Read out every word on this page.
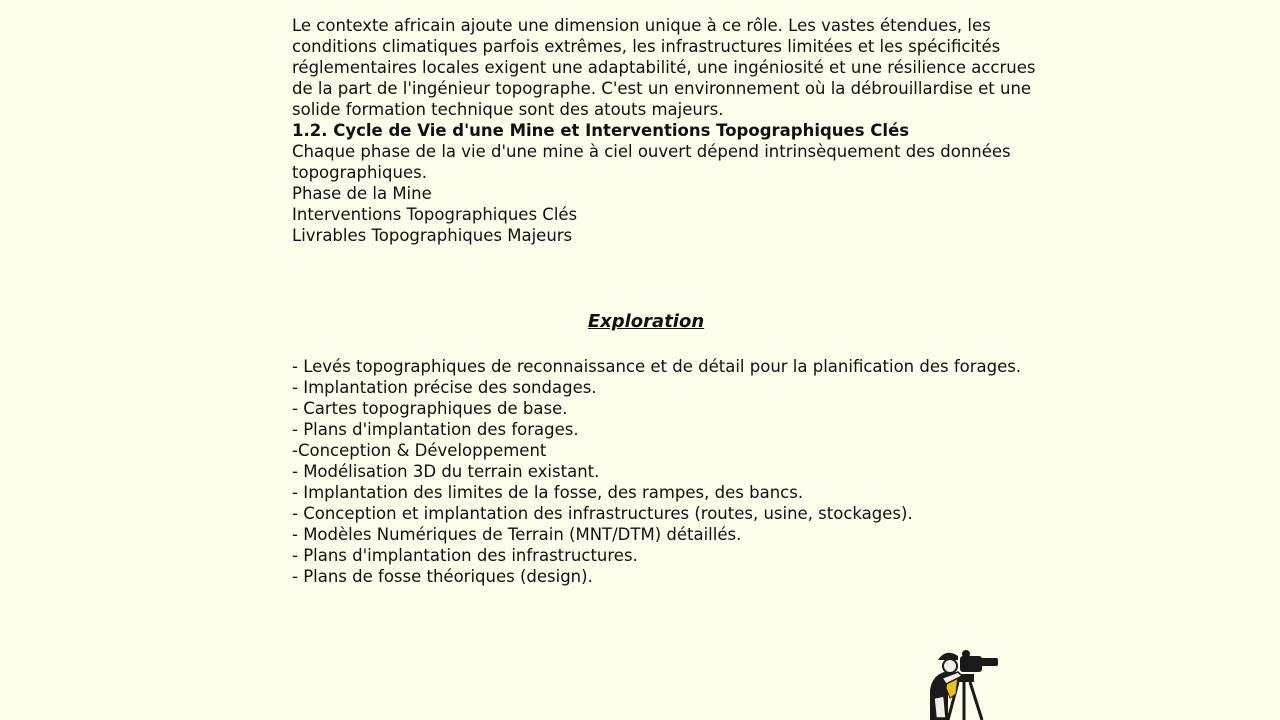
Le contexte africain ajoute une dimension unique à ce rôle. Les vastes étendues, les
conditions climatiques parfois extrêmes, les infrastructures limitées et les spécificités
réglementaires locales exigent une adaptabilité, une ingéniosité et une résilience accrues
de la part de l'ingénieur topographe. C'est un environnement où la débrouillardise et une
solide formation technique sont des atouts majeurs.
1.2. Cycle de Vie d'une Mine et Interventions Topographiques Clés
Chaque phase de la vie d'une mine à ciel ouvert dépend intrinsèquement des données
topographiques.
Phase de la Mine
Interventions Topographiques Clés
Livrables Topographiques Majeurs
Exploration
- Levés topographiques de reconnaissance et de détail pour la planification des forages.
- Implantation précise des sondages.
- Cartes topographiques de base.
- Plans d'implantation des forages.
-Conception & Développement
- Modélisation 3D du terrain existant.
- Implantation des limites de la fosse, des rampes, des bancs.
- Conception et implantation des infrastructures (routes, usine, stockages).
- Modèles Numériques de Terrain (MNT/DTM) détaillés.
- Plans d'implantation des infrastructures.
- Plans de fosse théoriques (design).
